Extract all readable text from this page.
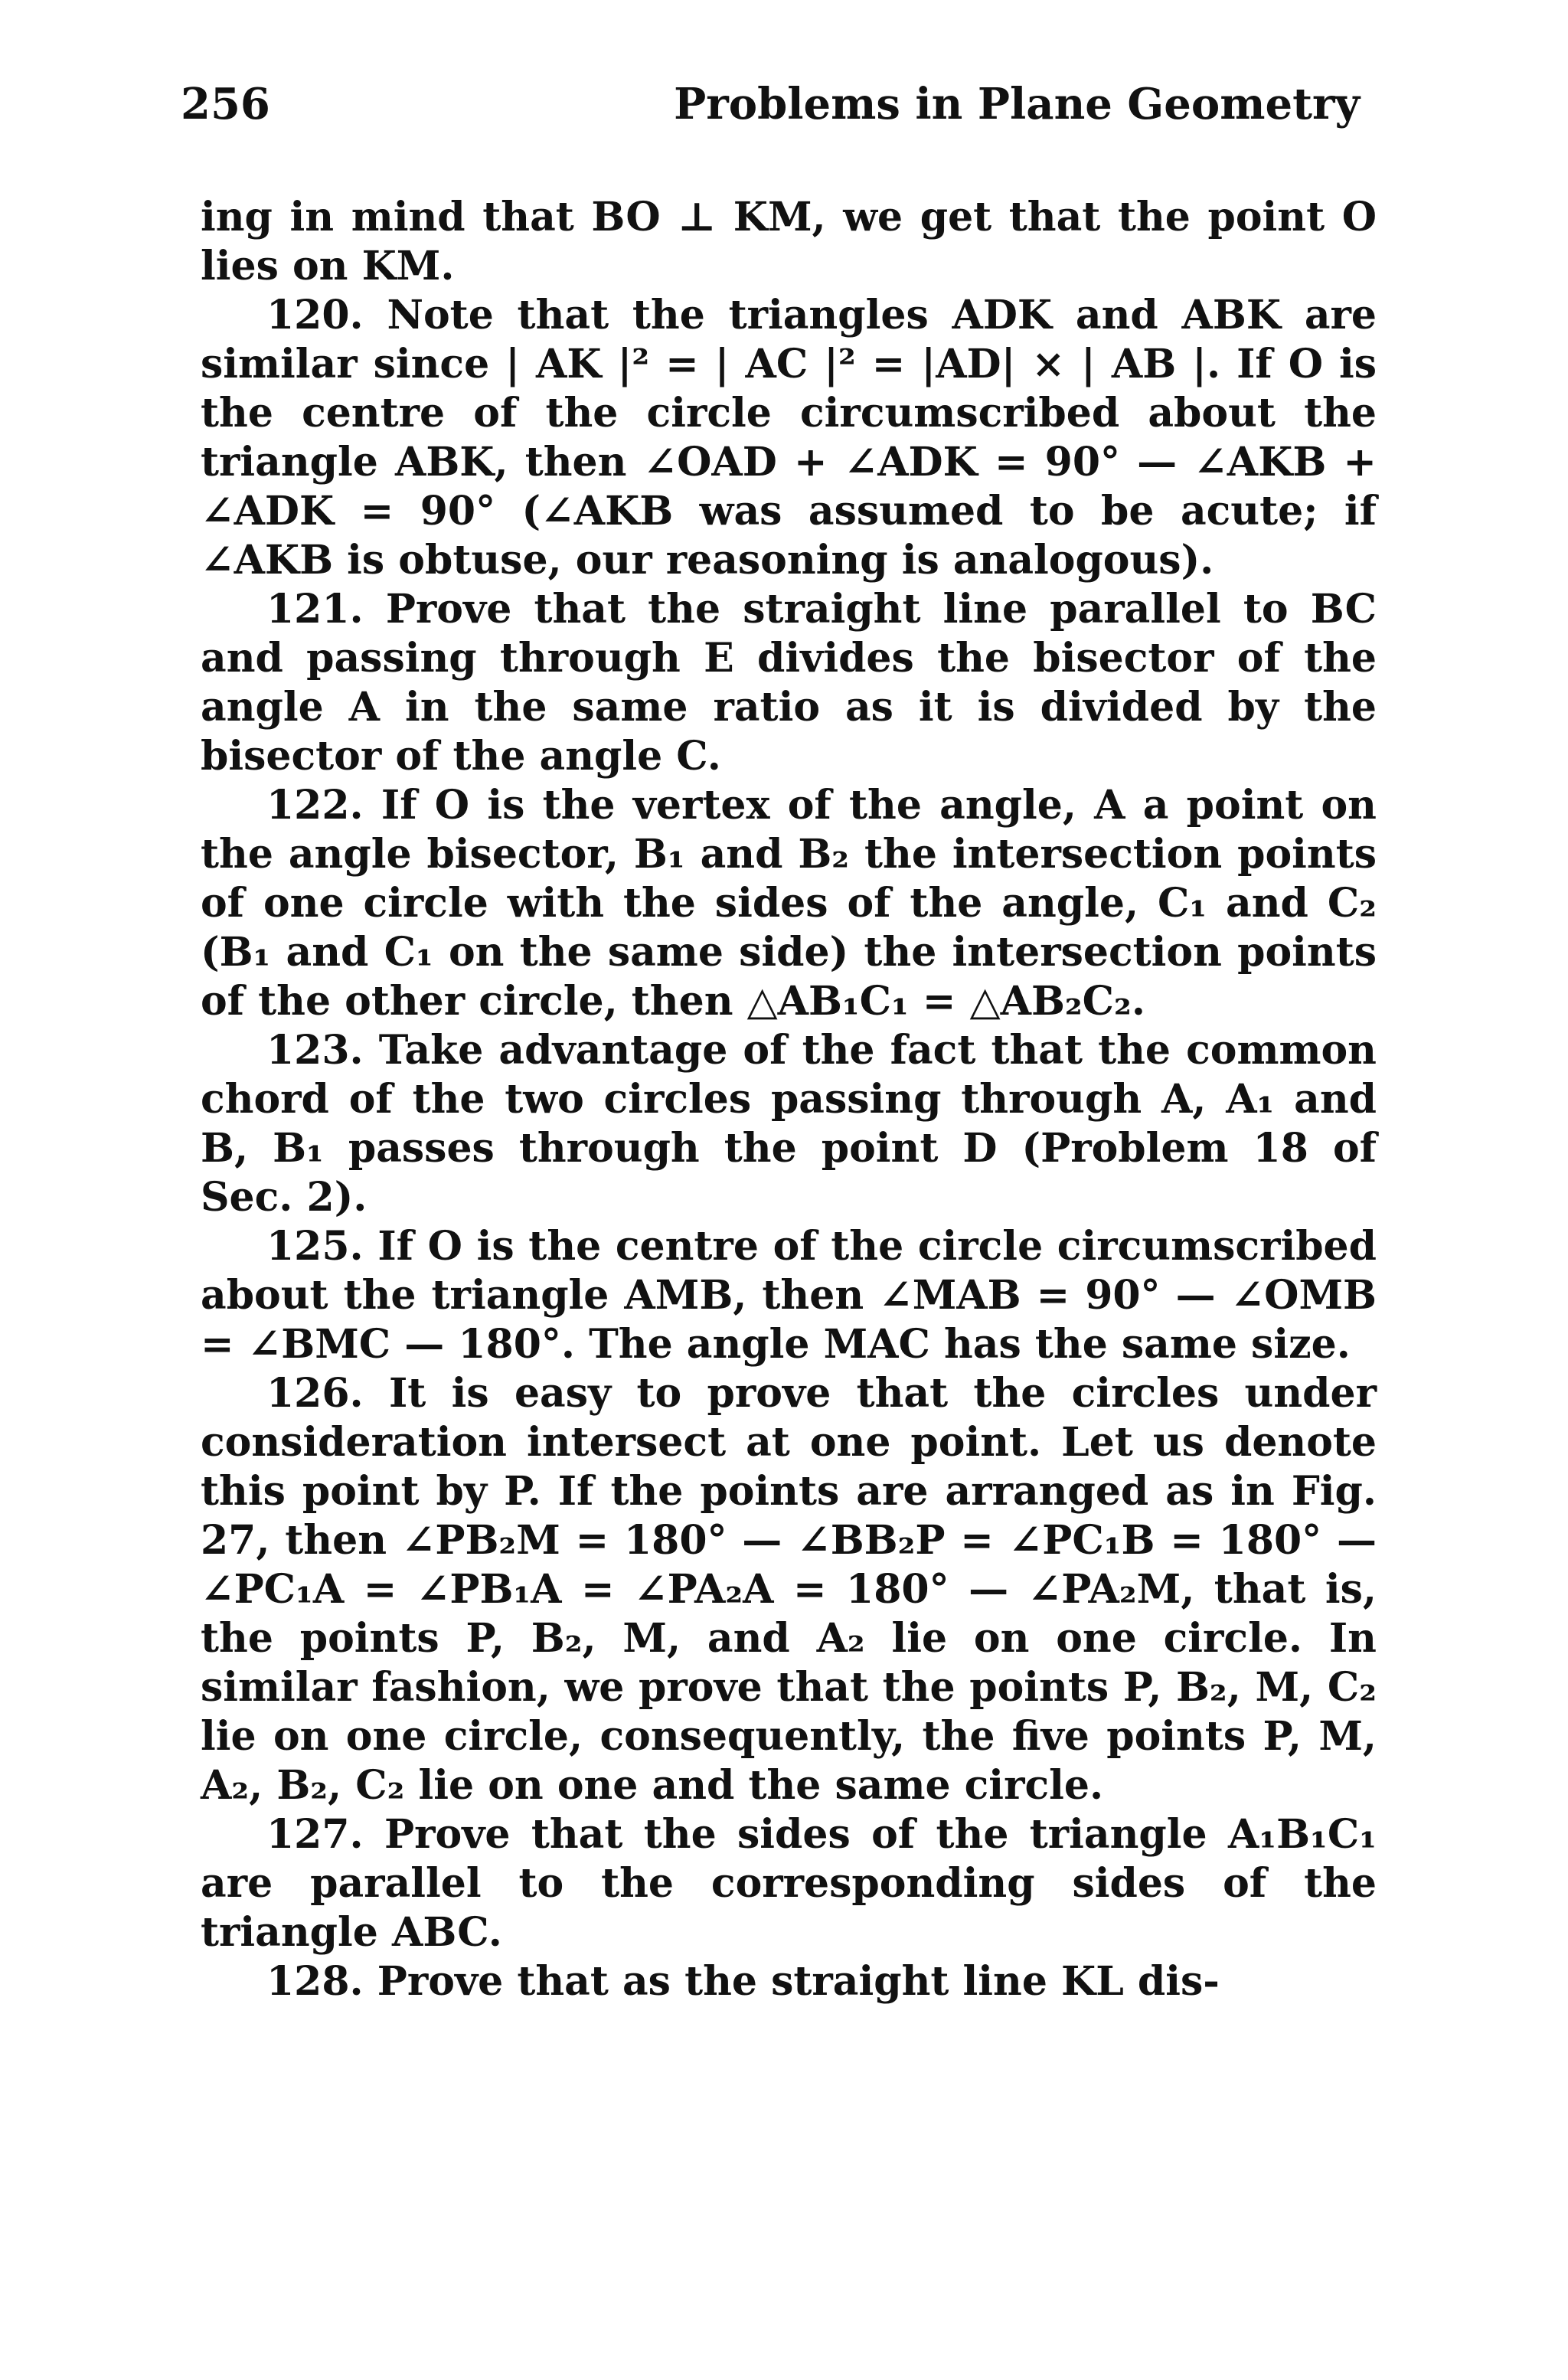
256	Problems in Plane Geometry

ing in mind that BO ⊥ KM, we get that the point O lies on KM.

120. Note that the triangles ADK and ABK are similar since | AK |² = | AC |² = |AD| × | AB |. If O is the centre of the circle circumscribed about the triangle ABK, then ∠OAD + ∠ADK = 90° — ∠AKB + ∠ADK = 90° (∠AKB was assumed to be acute; if ∠AKB is obtuse, our reasoning is analogous).

121. Prove that the straight line parallel to BC and passing through E divides the bisector of the angle A in the same ratio as it is divided by the bisector of the angle C.

122. If O is the vertex of the angle, A a point on the angle bisector, B₁ and B₂ the intersection points of one circle with the sides of the angle, C₁ and C₂ (B₁ and C₁ on the same side) the intersection points of the other circle, then △AB₁C₁ = △AB₂C₂.

123. Take advantage of the fact that the common chord of the two circles passing through A, A₁ and B, B₁ passes through the point D (Problem 18 of Sec. 2).

125. If O is the centre of the circle circumscribed about the triangle AMB, then ∠MAB = 90° — ∠OMB = ∠BMC — 180°. The angle MAC has the same size.

126. It is easy to prove that the circles under consideration intersect at one point. Let us denote this point by P. If the points are arranged as in Fig. 27, then ∠PB₂M = 180° — ∠BB₂P = ∠PC₁B = 180° — ∠PC₁A = ∠PB₁A = ∠PA₂A = 180° — ∠PA₂M, that is, the points P, B₂, M, and A₂ lie on one circle. In similar fashion, we prove that the points P, B₂, M, C₂ lie on one circle, consequently, the five points P, M, A₂, B₂, C₂ lie on one and the same circle.

127. Prove that the sides of the triangle A₁B₁C₁ are parallel to the corresponding sides of the triangle ABC.

128. Prove that as the straight line KL dis-
